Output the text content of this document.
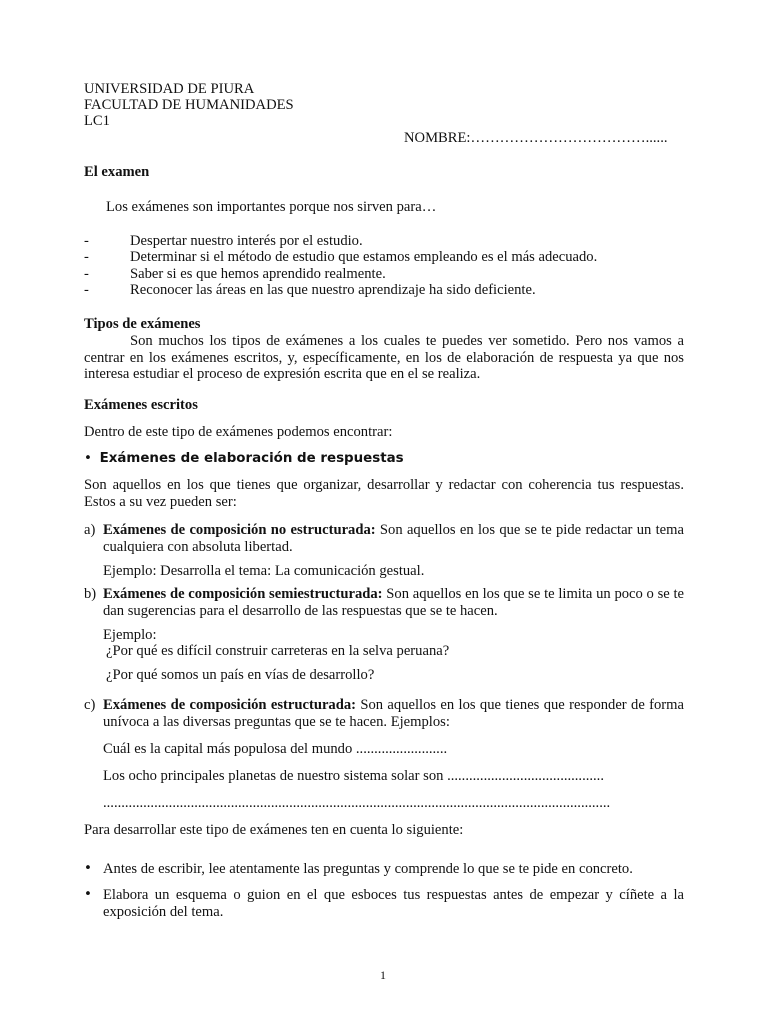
UNIVERSIDAD DE PIURA
FACULTAD DE HUMANIDADES
LC1
NOMBRE:………………………………......
El examen
Los exámenes son importantes porque nos sirven para…
-	Despertar nuestro interés por el estudio.
-	Determinar si el método de estudio que estamos empleando es el más adecuado.
-	Saber si es que hemos aprendido realmente.
-	Reconocer las áreas en las que nuestro aprendizaje ha sido deficiente.
Tipos de exámenes
Son muchos los tipos de exámenes a los cuales te puedes ver sometido. Pero nos vamos a centrar en los exámenes escritos, y, específicamente, en los de elaboración de respuesta ya que nos interesa estudiar el proceso de expresión escrita que en el se realiza.
Exámenes escritos
Dentro de este tipo de exámenes podemos encontrar:
• Exámenes de elaboración de respuestas
Son aquellos en los que tienes que organizar, desarrollar y redactar con coherencia tus respuestas. Estos a su vez pueden ser:
a) Exámenes de composición no estructurada: Son aquellos en los que se te pide redactar un tema cualquiera con absoluta libertad.
Ejemplo: Desarrolla el tema: La comunicación gestual.
b) Exámenes de composición semiestructurada: Son aquellos en los que se te limita un poco o se te dan sugerencias para el desarrollo de las respuestas que se te hacen.
Ejemplo:
¿Por qué es difícil construir carreteras en la selva peruana?
¿Por qué somos un país en vías de desarrollo?
c) Exámenes de composición estructurada: Son aquellos en los que tienes que responder de forma unívoca a las diversas preguntas que se te hacen. Ejemplos:
Cuál es la capital más populosa del mundo .........................
Los ocho principales planetas de nuestro sistema solar son ...........................................
...........................................................................................................................................
Para desarrollar este tipo de exámenes ten en cuenta lo siguiente:
• Antes de escribir, lee atentamente las preguntas y comprende lo que se te pide en concreto.
• Elabora un esquema o guion en el que esboces tus respuestas antes de empezar y cíñete a la exposición del tema.
1
